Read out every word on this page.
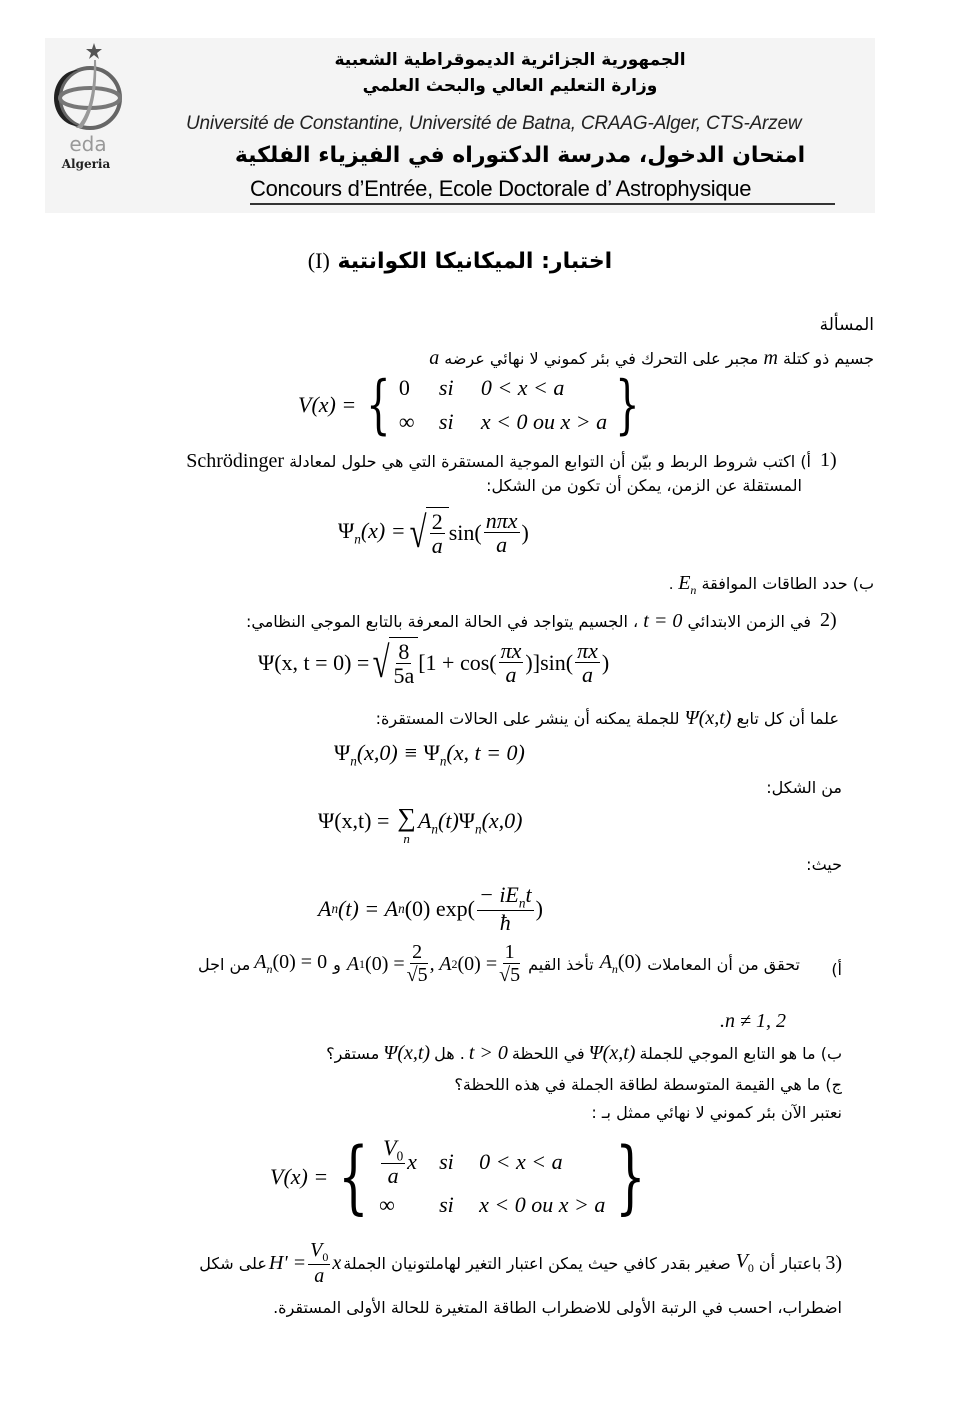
eda
Algeria
الجمهورية الجزائرية الديموقراطية الشعبية
وزارة التعليم العالي والبحث العلمي
Université de Constantine, Université de Batna, CRAAG-Alger, CTS-Arzew
امتحان الدخول، مدرسة الدكتوراه في الفيزياء الفلكية
Concours d’Entrée, Ecole Doctorale d’ Astrophysique
اختبار: الميكانيكا الكوانتية (I)
المسألة
جسيم ذو كتلة m مجبر على التحرك في بئر كموني لا نهائي عرضه a
V(x) = { 0	si	0 < x < a
∞	si	x < 0 ou x > a }
1)
أ) اكتب شروط الربط و بيّن أن التوابع الموجية المستقرة التي هي حلول لمعادلة Schrödinger
المستقلة عن الزمن، يمكن أن تكون من الشكل:
$\Psi_n(x)$ = √ $\frac{2}{a} \sin( \frac{\text{nπx}}{a}$ )
ب) حدد الطاقات الموافقة $E_n$ .
2)
في الزمن الابتدائي t = 0 ، الجسيم يتواجد في الحالة المعرفة بالتابع الموجي النظامي:
Ψ(x, t = 0) = √ $\frac{8}{5a} [1 + \cos( \frac{\pi x}{a} )]\sin( \frac{\pi x}{a}$ )
علما أن كل تابع Ψ(x,t) للجملة يمكنه أن ينشر على الحالات المستقرة:
$\Psi_n(x,0) \equiv \Psi_n(x$, t = 0)
من الشكل:
Ψ(x,t) = ∑
n
$A_n(t)\Psi_n(x,0)$
حيث:
A n (t) = A n (0) $\exp( \frac{- iE_nt}{ħ}$ )
أ)
تحقق من أن المعاملات
$A_n(0)$
تأخذ القيم
A 1 $(0) = \frac{2}{√5}$ , A 2 $(0) = \frac{1}{√5}$
و
$A_n(0) = 0$
من اجل
.n ≠ 1, 2
ب) ما هو التابع الموجي للجملة
Ψ(x,t)
في اللحظة
t > 0
. هل
Ψ(x,t)
مستقر؟
ج) ما هي القيمة المتوسطة لطاقة الجملة في هذه اللحظة؟
نعتبر الآن بئر كموني لا نهائي ممثل بـ :
V(x) = { $\frac{V_0}{a}$ x si	0 < x < a
∞	si	x < 0 ou x > a }
3)
باعتبار أن
$V_0$
صغير بقدر كافي حيث يمكن اعتبار التغير لهاملتونيان الجملة
$H' = \frac{V_0}{a}$ x
على شكل
اضطراب، احسب في الرتبة الأولى للاضطراب الطاقة المتغيرة للحالة الأولى المستقرة.
